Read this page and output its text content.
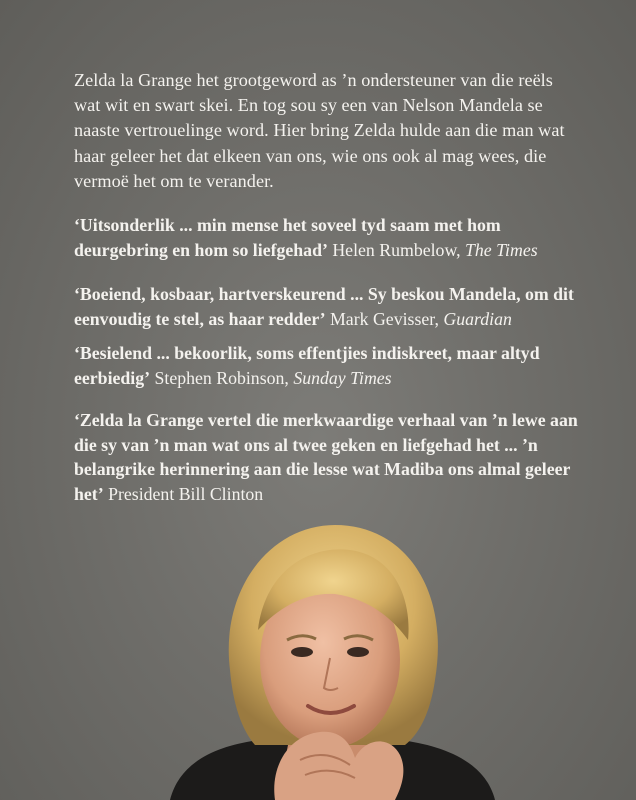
Zelda la Grange het grootgeword as ’n ondersteuner van die reëls wat wit en swart skei. En tog sou sy een van Nelson Mandela se naaste vertrouelinge word. Hier bring Zelda hulde aan die man wat haar geleer het dat elkeen van ons, wie ons ook al mag wees, die vermoë het om te verander.

‘Uitsonderlik ... min mense het soveel tyd saam met hom deurgebring en hom so liefgehad’ Helen Rumbelow, The Times

‘Boeiend, kosbaar, hartverskeurend ... Sy beskou Mandela, om dit eenvoudig te stel, as haar redder’ Mark Gevisser, Guardian

‘Besielend ... bekoorlik, soms effentjies indiskreet, maar altyd eerbiedig’ Stephen Robinson, Sunday Times

‘Zelda la Grange vertel die merkwaardige verhaal van ’n lewe aan die sy van ’n man wat ons al twee geken en liefgehad het ... ’n belangrike herinnering aan die lesse wat Madiba ons almal geleer het’ President Bill Clinton
